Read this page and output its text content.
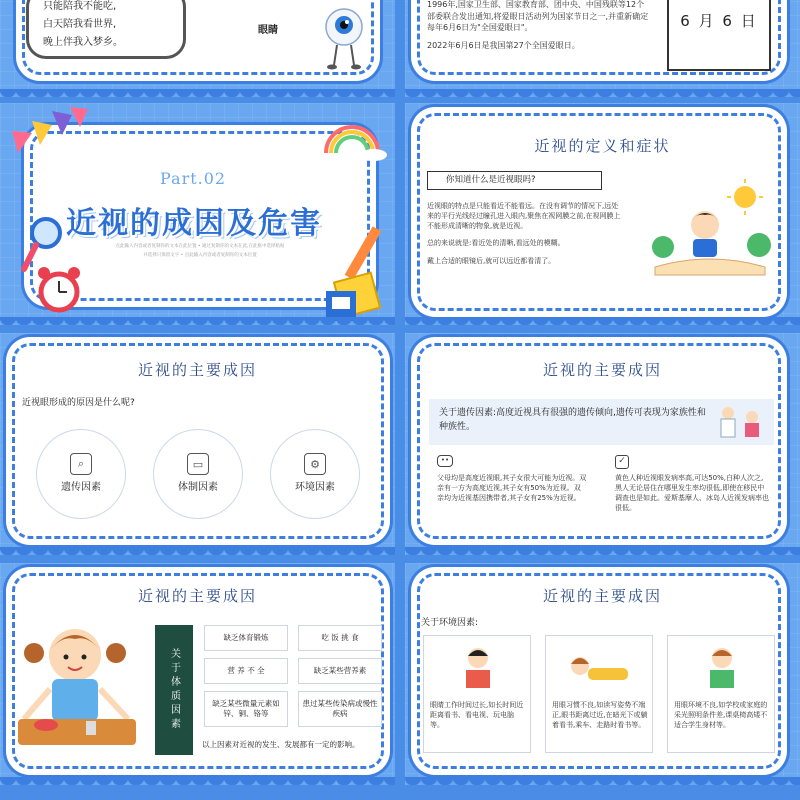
只能陪我不能吃,
白天陪我看世界,
晚上伴我入梦乡。
眼睛

1996年,国家卫生部、国家教育部、团中央、中国残联等12个部委联合发出通知,将爱眼日活动列为国家节日之一,并重新确定每年6月6日为"全国爱眼日"。

2022年6月6日是我国第27个全国爱眼日。

6 月 6 日
Part.02
近视的成因及危害
点此输入内容或者复制你的文本在此位置 • 通过复制你的文本在此,在此框中选择粘贴
并选择只保留文字 • 点此输入内容或者复制你的文本位置
近视的定义和症状
你知道什么是近视眼吗?

近视眼的特点是只能看近不能看远。在没有调节的情况下,远处来的平行光线经过瞳孔进入眼内,聚焦在视网膜之前,在视网膜上不能形成清晰的物象,就是近视。

总的来说就是:看近处的清晰,看远处的模糊。

戴上合适的眼镜后,就可以远近都看清了。

近视的主要成因
近视眼形成的原因是什么呢?
⌕
遗传因素
▭
体制因素
⚙
环境因素
近视的主要成因
关于遗传因素:高度近视具有很强的遗传倾向,遗传可表现为家族性和种族性。
••

父母均是高度近视眼,其子女很大可能为近视。双亲有一方为高度近视,其子女有50%为近视。双亲均为近视基因携带者,其子女有25%为近视。

✓

黄色人种近视眼发病率高,可达50%,白种人次之,黑人无论居住在哪里发生率均很低,即使在移民中调查也是如此。爱斯基摩人、冰岛人近视发病率也很低。

近视的主要成因
关于体质因素
缺乏体育锻炼	吃 饭 挑 食
营 养 不 全	缺乏某些营养素
缺乏某些微量元素如锌、铜、铬等
患过某些传染病或慢性疾病
以上因素对近视的发生、发展都有一定的影响。
近视的主要成因
关于环境因素:

眼睛工作时间过长,如长时间近距离看书、看电视、玩电脑等。

用眼习惯不良,如读写姿势不端正,眼书距离过近,在暗光下或躺着看书,乘车、走路时看书等。

用眼环境不良,如学校或家庭的采光照明条件差,课桌椅高矮不适合学生身材等。
